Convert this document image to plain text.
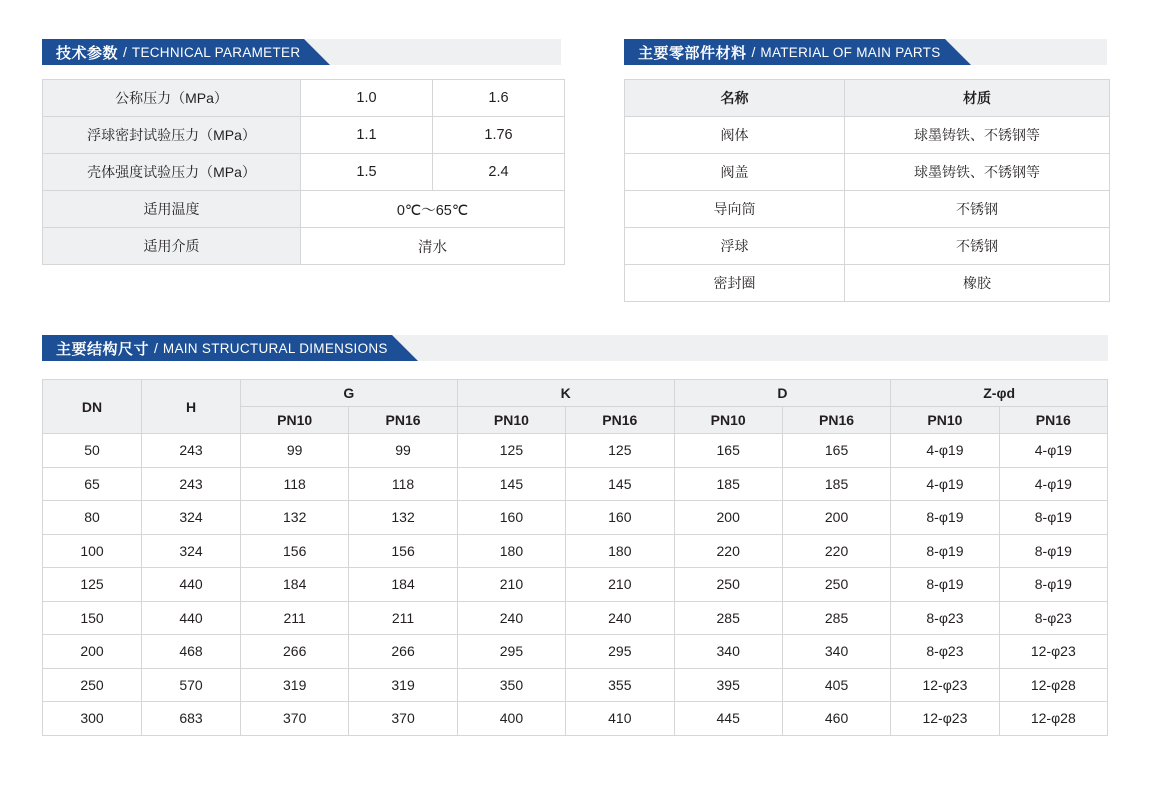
技术参数 / TECHNICAL PARAMETER
公称压力（MPa）	1.0	1.6
浮球密封试验压力（MPa）	1.1	1.76
壳体强度试验压力（MPa）	1.5	2.4
适用温度	0℃～65℃	
适用介质	清水	
主要零部件材料 / MATERIAL OF MAIN PARTS
名称	材质
阀体	球墨铸铁、不锈钢等
阀盖	球墨铸铁、不锈钢等
导向筒	不锈钢
浮球	不锈钢
密封圈	橡胶
主要结构尺寸 / MAIN STRUCTURAL DIMENSIONS
DN	H	G		K		D		Z-φd	
		PN10	PN16	PN10	PN16	PN10	PN16	PN10	PN16
50	243	99	99	125	125	165	165	4-φ19	4-φ19
65	243	118	118	145	145	185	185	4-φ19	4-φ19
80	324	132	132	160	160	200	200	8-φ19	8-φ19
100	324	156	156	180	180	220	220	8-φ19	8-φ19
125	440	184	184	210	210	250	250	8-φ19	8-φ19
150	440	211	211	240	240	285	285	8-φ23	8-φ23
200	468	266	266	295	295	340	340	8-φ23	12-φ23
250	570	319	319	350	355	395	405	12-φ23	12-φ28
300	683	370	370	400	410	445	460	12-φ23	12-φ28
